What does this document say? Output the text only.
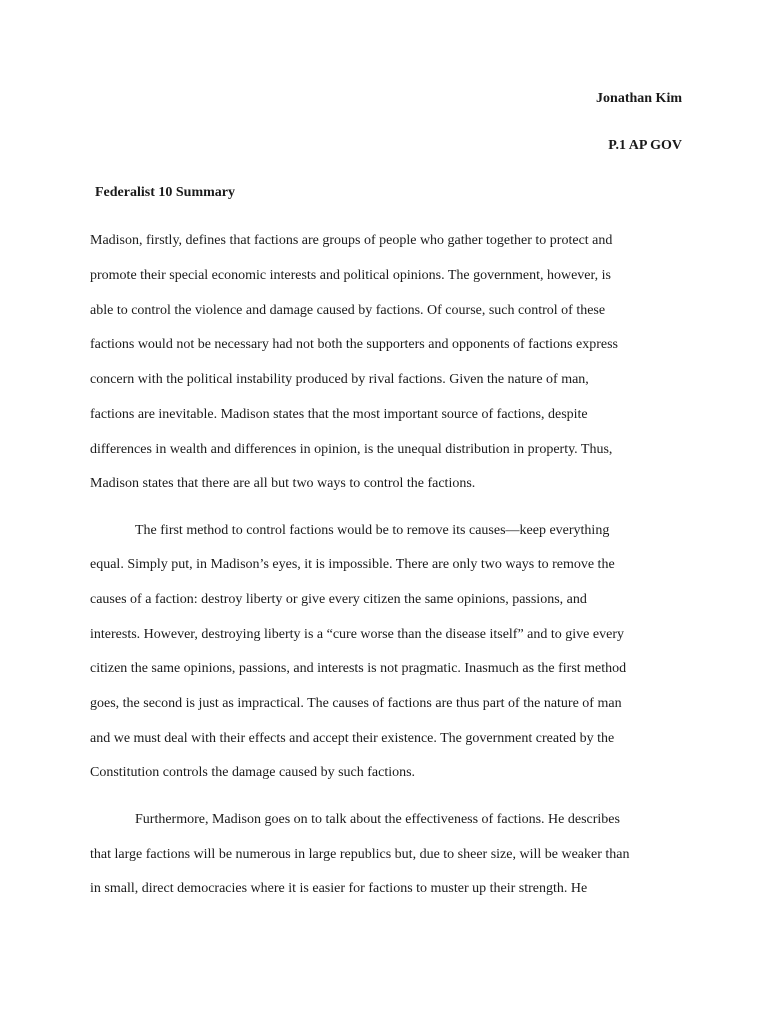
Jonathan Kim
P.1 AP GOV
Federalist 10 Summary
Madison, firstly, defines that factions are groups of people who gather together to protect and
promote their special economic interests and political opinions. The government, however, is
able to control the violence and damage caused by factions. Of course, such control of these
factions would not be necessary had not both the supporters and opponents of factions express
concern with the political instability produced by rival factions. Given the nature of man,
factions are inevitable. Madison states that the most important source of factions, despite
differences in wealth and differences in opinion, is the unequal distribution in property. Thus,
Madison states that there are all but two ways to control the factions.
The first method to control factions would be to remove its causes—keep everything
equal. Simply put, in Madison’s eyes, it is impossible. There are only two ways to remove the
causes of a faction: destroy liberty or give every citizen the same opinions, passions, and
interests. However, destroying liberty is a “cure worse than the disease itself” and to give every
citizen the same opinions, passions, and interests is not pragmatic. Inasmuch as the first method
goes, the second is just as impractical. The causes of factions are thus part of the nature of man
and we must deal with their effects and accept their existence. The government created by the
Constitution controls the damage caused by such factions.
Furthermore, Madison goes on to talk about the effectiveness of factions. He describes
that large factions will be numerous in large republics but, due to sheer size, will be weaker than
in small, direct democracies where it is easier for factions to muster up their strength. He
